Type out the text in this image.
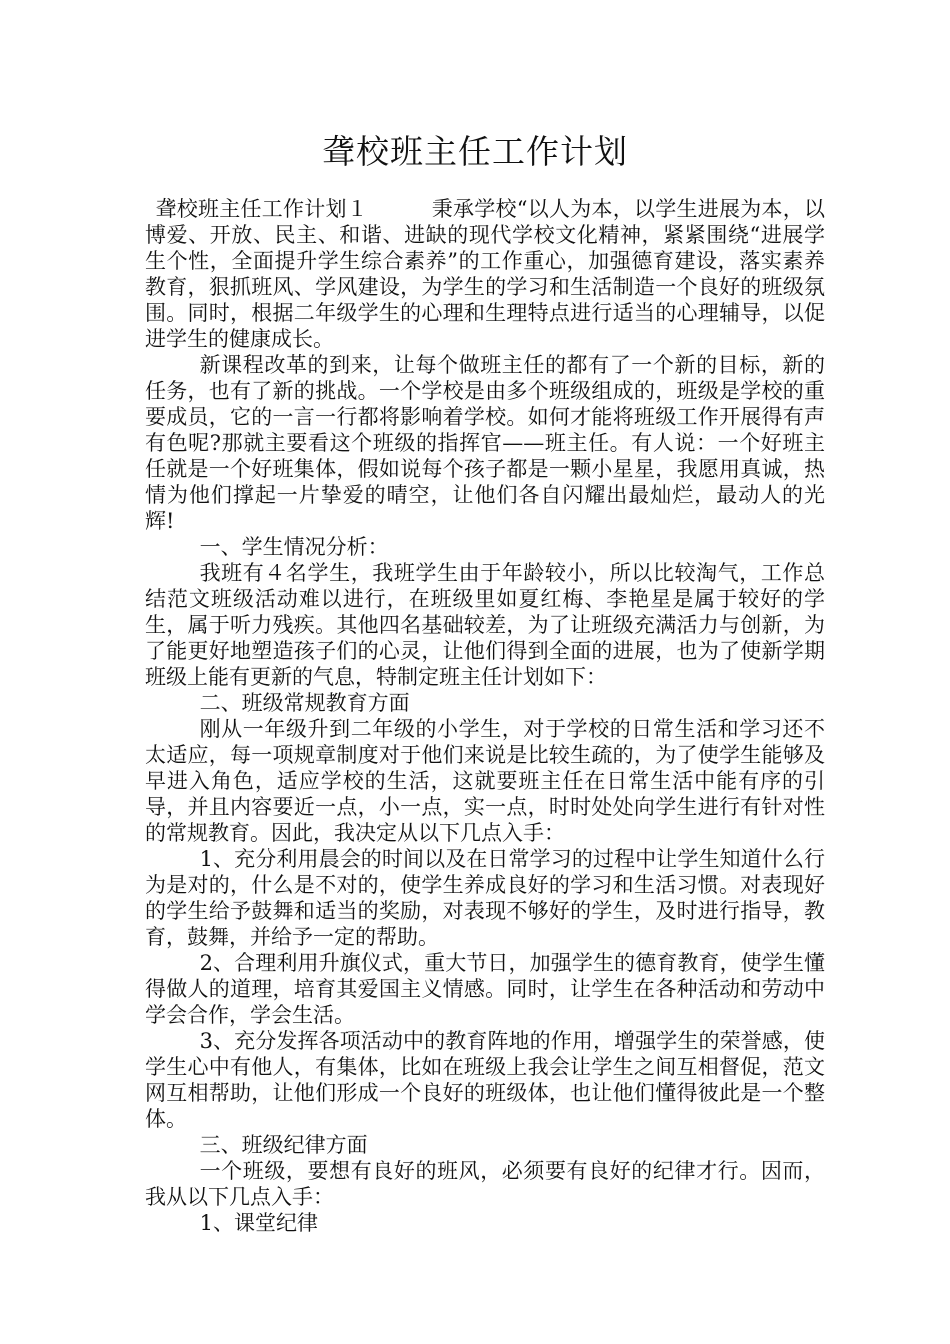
聋校班主任工作计划

聋校班主任工作计划１　　　秉承学校“以人为本，以学生进展为本，以博爱、开放、民主、和谐、进缺的现代学校文化精神，紧紧围绕“进展学生个性，全面提升学生综合素养”的工作重心，加强德育建设，落实素养教育，狠抓班风、学风建设，为学生的学习和生活制造一个良好的班级氛围。同时，根据二年级学生的心理和生理特点进行适当的心理辅导，以促进学生的健康成长。

新课程改革的到来，让每个做班主任的都有了一个新的目标，新的任务，也有了新的挑战。一个学校是由多个班级组成的，班级是学校的重要成员，它的一言一行都将影响着学校。如何才能将班级工作开展得有声有色呢?那就主要看这个班级的指挥官——班主任。有人说：一个好班主任就是一个好班集体，假如说每个孩子都是一颗小星星，我愿用真诚，热情为他们撑起一片挚爱的晴空，让他们各自闪耀出最灿烂，最动人的光辉!

一、学生情况分析：

我班有４名学生，我班学生由于年龄较小，所以比较淘气，工作总结范文班级活动难以进行，在班级里如夏红梅、李艳星是属于较好的学生，属于听力残疾。其他四名基础较差，为了让班级充满活力与创新，为了能更好地塑造孩子们的心灵，让他们得到全面的进展，也为了使新学期班级上能有更新的气息，特制定班主任计划如下：

二、班级常规教育方面

刚从一年级升到二年级的小学生，对于学校的日常生活和学习还不太适应，每一项规章制度对于他们来说是比较生疏的，为了使学生能够及早进入角色，适应学校的生活，这就要班主任在日常生活中能有序的引导，并且内容要近一点，小一点，实一点，时时处处向学生进行有针对性的常规教育。因此，我决定从以下几点入手：

1、充分利用晨会的时间以及在日常学习的过程中让学生知道什么行为是对的，什么是不对的，使学生养成良好的学习和生活习惯。对表现好的学生给予鼓舞和适当的奖励，对表现不够好的学生，及时进行指导，教育，鼓舞，并给予一定的帮助。

2、合理利用升旗仪式，重大节日，加强学生的德育教育，使学生懂得做人的道理，培育其爱国主义情感。同时，让学生在各种活动和劳动中学会合作，学会生活。

3、充分发挥各项活动中的教育阵地的作用，增强学生的荣誉感，使学生心中有他人，有集体，比如在班级上我会让学生之间互相督促，范文网互相帮助，让他们形成一个良好的班级体，也让他们懂得彼此是一个整体。

三、班级纪律方面

一个班级，要想有良好的班风，必须要有良好的纪律才行。因而，我从以下几点入手：

1、课堂纪律
